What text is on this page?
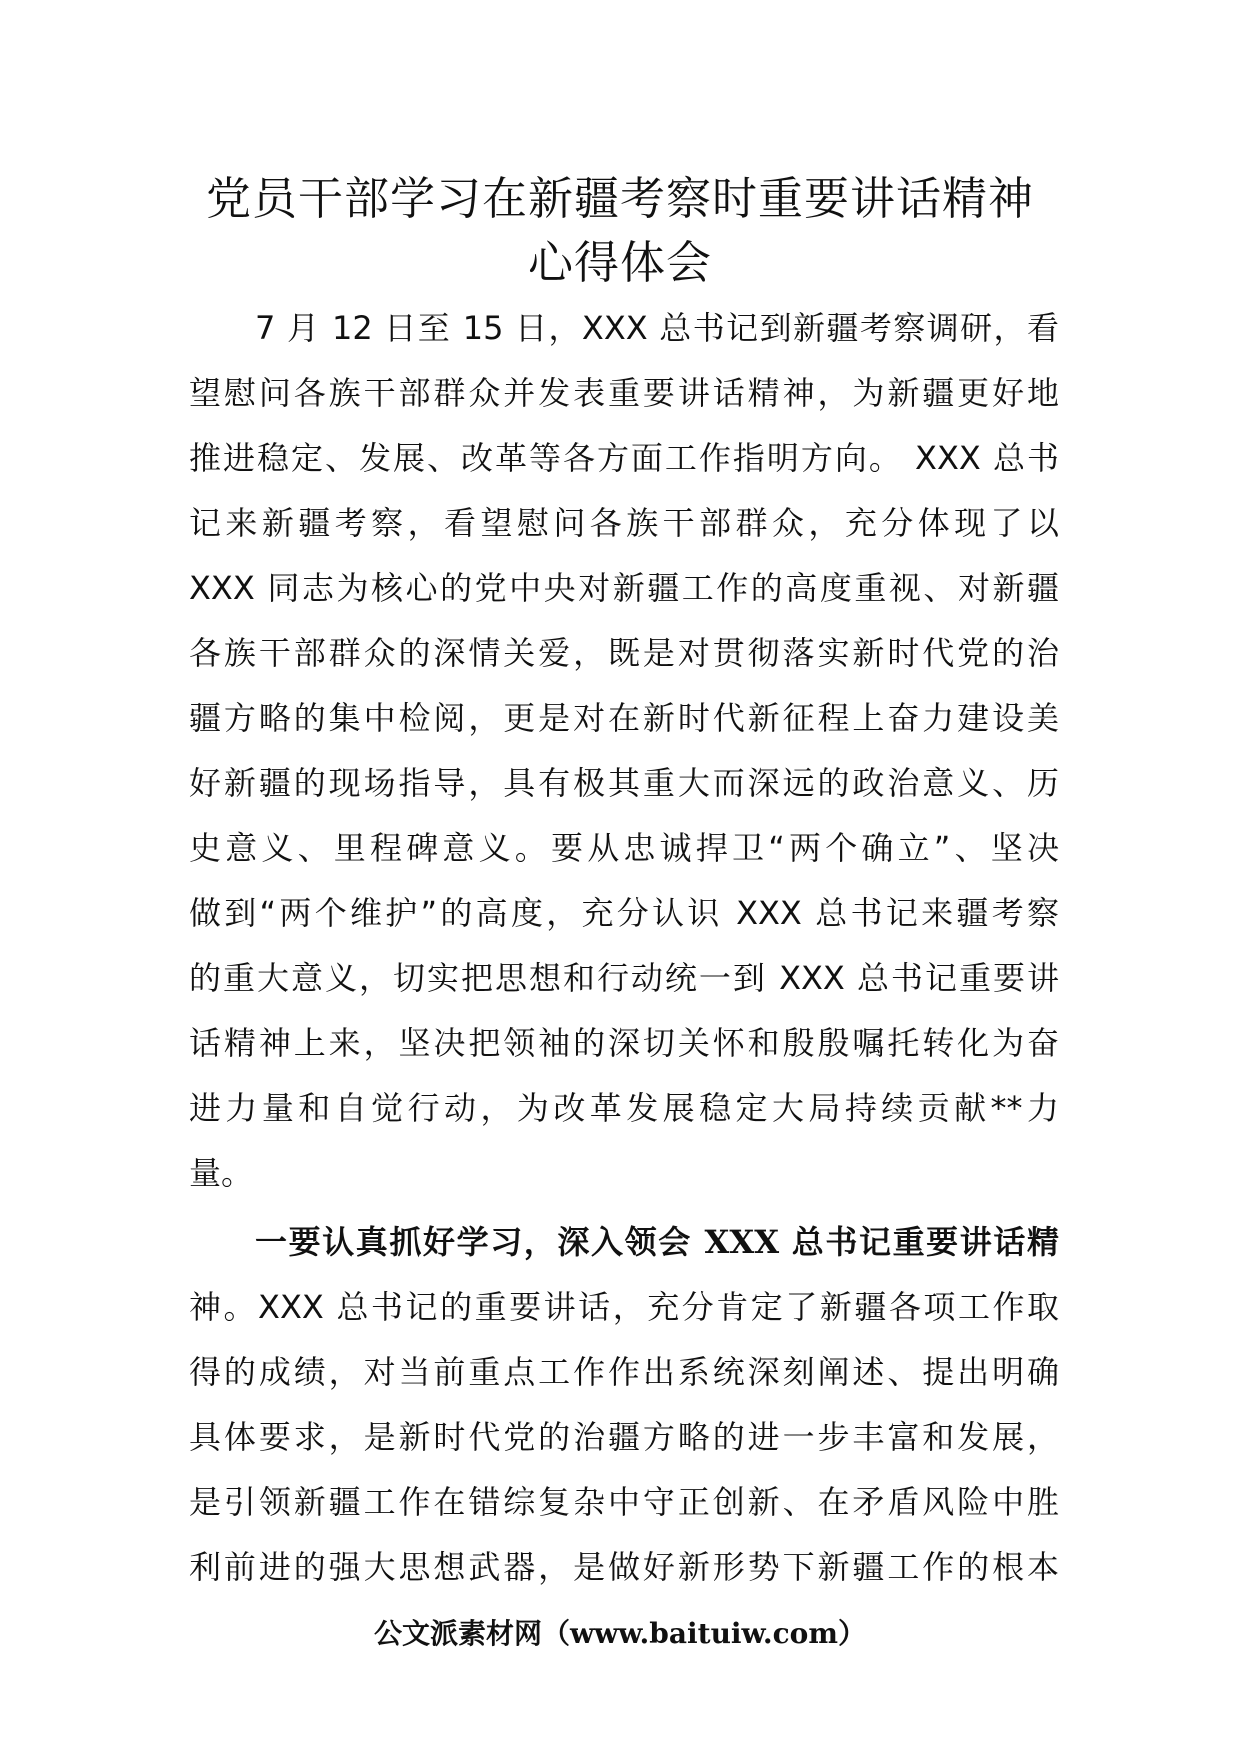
党员干部学习在新疆考察时重要讲话精神
心得体会
7 月 12 日至 15 日，XXX 总书记到新疆考察调研，看
望慰问各族干部群众并发表重要讲话精神，为新疆更好地
推进稳定、发展、改革等各方面工作指明方向。 XXX 总书
记来新疆考察，看望慰问各族干部群众，充分体现了以
XXX 同志为核心的党中央对新疆工作的高度重视、对新疆
各族干部群众的深情关爱，既是对贯彻落实新时代党的治
疆方略的集中检阅，更是对在新时代新征程上奋力建设美
好新疆的现场指导，具有极其重大而深远的政治意义、历
史意义、里程碑意义。要从忠诚捍卫“两个确立”、坚决
做到“两个维护”的高度，充分认识 XXX 总书记来疆考察
的重大意义，切实把思想和行动统一到 XXX 总书记重要讲
话精神上来，坚决把领袖的深切关怀和殷殷嘱托转化为奋
进力量和自觉行动，为改革发展稳定大局持续贡献**力
量。
一要认真抓好学习，深入领会 XXX 总书记重要讲话精
神。XXX 总书记的重要讲话，充分肯定了新疆各项工作取
得的成绩，对当前重点工作作出系统深刻阐述、提出明确
具体要求，是新时代党的治疆方略的进一步丰富和发展，
是引领新疆工作在错综复杂中守正创新、在矛盾风险中胜
利前进的强大思想武器，是做好新形势下新疆工作的根本
公文派素材网（www.baituiw.com）
